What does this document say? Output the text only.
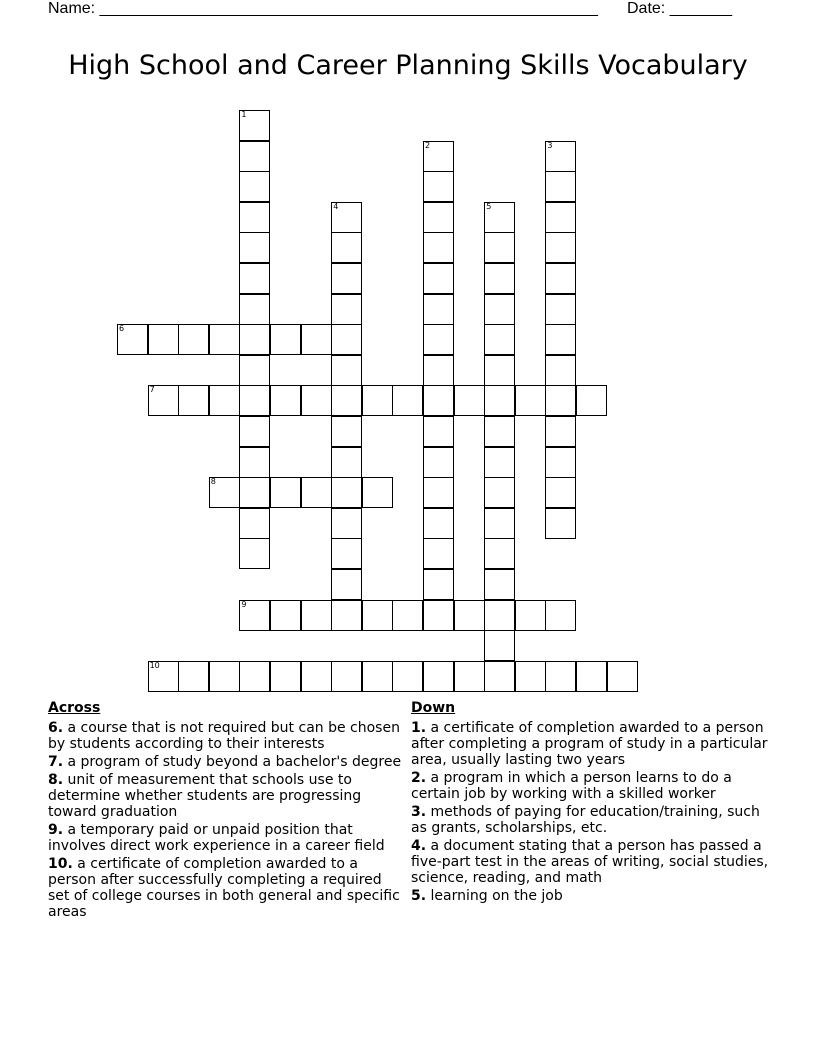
Name: ________________________________________________________ Date: _______
High School and Career Planning Skills Vocabulary
1
2	3
4	5
6
7
8
9
10
Across
6. a course that is not required but can be chosen by students according to their interests
7. a program of study beyond a bachelor's degree
8. unit of measurement that schools use to determine whether students are progressing toward graduation
9. a temporary paid or unpaid position that involves direct work experience in a career field
10. a certificate of completion awarded to a person after successfully completing a required set of college courses in both general and specific areas
Down
1. a certificate of completion awarded to a person after completing a program of study in a particular area, usually lasting two years
2. a program in which a person learns to do a certain job by working with a skilled worker
3. methods of paying for education/training, such as grants, scholarships, etc.
4. a document stating that a person has passed a five-part test in the areas of writing, social studies, science, reading, and math
5. learning on the job
